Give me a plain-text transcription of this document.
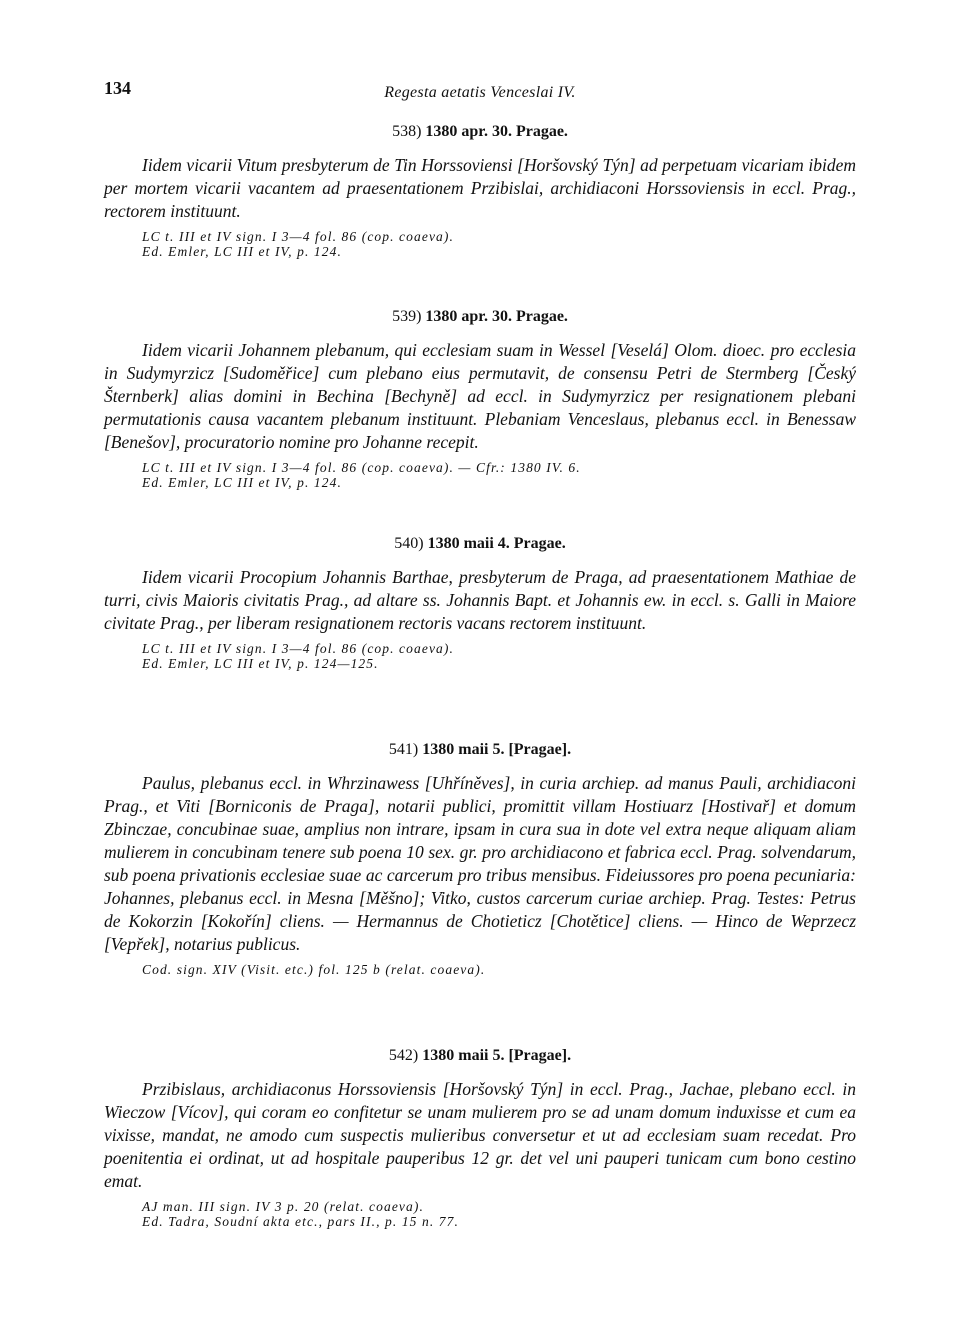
134	Regesta aetatis Venceslai IV.
538) 1380 apr. 30. Pragae.

Iidem vicarii Vitum presbyterum de Tin Horssoviensi [Horšovský Týn] ad perpetuam vicariam ibidem per mortem vicarii vacantem ad praesentationem Przibislai, archidiaconi Horssoviensis in eccl. Prag., rectorem instituunt.

LC t. III et IV sign. I 3—4 fol. 86 (cop. coaeva).
Ed. Emler, LC III et IV, p. 124.
539) 1380 apr. 30. Pragae.

Iidem vicarii Johannem plebanum, qui ecclesiam suam in Wessel [Veselá] Olom. dioec. pro ecclesia in Sudymyrzicz [Sudoměřice] cum plebano eius permutavit, de consensu Petri de Stermberg [Český Šternberk] alias domini in Bechina [Bechyně] ad eccl. in Sudymyrzicz per resignationem plebani permutationis causa vacantem plebanum instituunt. Plebaniam Venceslaus, plebanus eccl. in Benessaw [Benešov], procuratorio nomine pro Johanne recepit.

LC t. III et IV sign. I 3—4 fol. 86 (cop. coaeva). — Cfr.: 1380 IV. 6.
Ed. Emler, LC III et IV, p. 124.
540) 1380 maii 4. Pragae.

Iidem vicarii Procopium Johannis Barthae, presbyterum de Praga, ad praesentationem Mathiae de turri, civis Maioris civitatis Prag., ad altare ss. Johannis Bapt. et Johannis ew. in eccl. s. Galli in Maiore civitate Prag., per liberam resignationem rectoris vacans rectorem instituunt.

LC t. III et IV sign. I 3—4 fol. 86 (cop. coaeva).
Ed. Emler, LC III et IV, p. 124—125.
541) 1380 maii 5. [Pragae].

Paulus, plebanus eccl. in Whrzinawess [Uhříněves], in curia archiep. ad manus Pauli, archidiaconi Prag., et Viti [Borniconis de Praga], notarii publici, promittit villam Hostiuarz [Hostivař] et domum Zbinczae, concubinae suae, amplius non intrare, ipsam in cura sua in dote vel extra neque aliquam aliam mulierem in concubinam tenere sub poena 10 sex. gr. pro archidiacono et fabrica eccl. Prag. solvendarum, sub poena privationis ecclesiae suae ac carcerum pro tribus mensibus. Fideiussores pro poena pecuniaria: Johannes, plebanus eccl. in Mesna [Měšno]; Vitko, custos carcerum curiae archiep. Prag. Testes: Petrus de Kokorzin [Kokořín] cliens. — Hermannus de Chotieticz [Chotětice] cliens. — Hinco de Weprzecz [Vepřek], notarius publicus.

Cod. sign. XIV (Visit. etc.) fol. 125 b (relat. coaeva).
542) 1380 maii 5. [Pragae].

Przibislaus, archidiaconus Horssoviensis [Horšovský Týn] in eccl. Prag., Jachae, plebano eccl. in Wieczow [Vícov], qui coram eo confitetur se unam mulierem pro se ad unam domum induxisse et cum ea vixisse, mandat, ne amodo cum suspectis mulieribus conversetur et ut ad ecclesiam suam recedat. Pro poenitentia ei ordinat, ut ad hospitale pauperibus 12 gr. det vel uni pauperi tunicam cum bono cestino emat.

AJ man. III sign. IV 3 p. 20 (relat. coaeva).
Ed. Tadra, Soudní akta etc., pars II., p. 15 n. 77.
